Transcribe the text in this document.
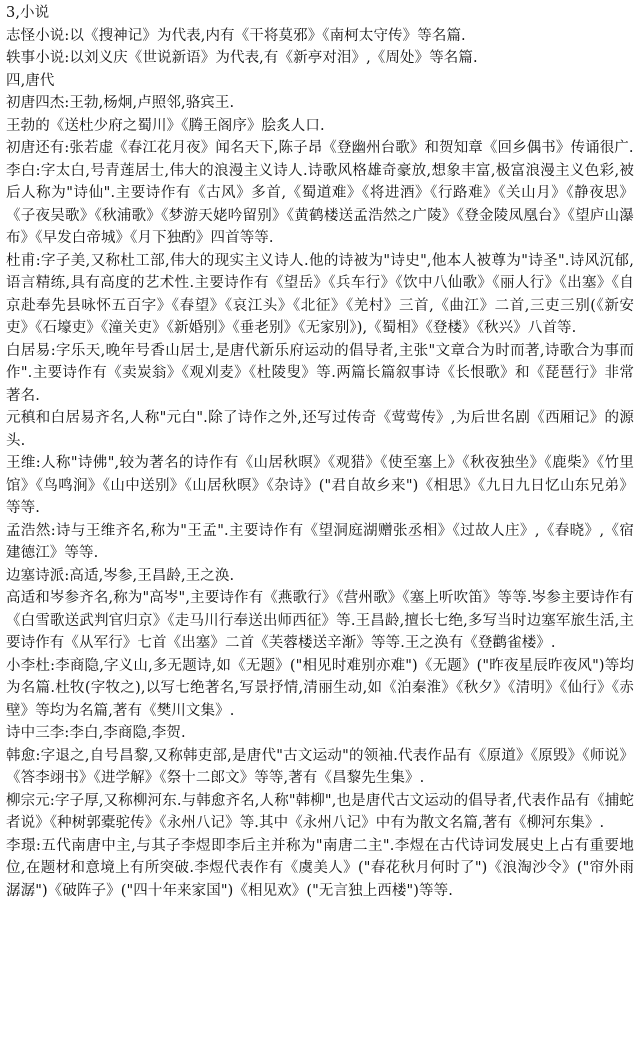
3,小说

志怪小说:以《搜神记》为代表,内有《干将莫邪》《南柯太守传》等名篇.

轶事小说:以刘义庆《世说新语》为代表,有《新亭对泪》,《周处》等名篇.

四,唐代

初唐四杰:王勃,杨炯,卢照邻,骆宾王.

王勃的《送杜少府之蜀川》《腾王阁序》脍炙人口.

初唐还有:张若虚《春江花月夜》闻名天下,陈子昂《登幽州台歌》和贺知章《回乡偶书》传诵很广.

李白:字太白,号青莲居士,伟大的浪漫主义诗人.诗歌风格雄奇豪放,想象丰富,极富浪漫主义色彩,被后人称为"诗仙".主要诗作有《古风》多首,《蜀道难》《将进酒》《行路难》《关山月》《静夜思》《子夜吴歌》《秋浦歌》《梦游天姥吟留别》《黄鹤楼送孟浩然之广陵》《登金陵凤凰台》《望庐山瀑布》《早发白帝城》《月下独酌》四首等等.

杜甫:字子美,又称杜工部,伟大的现实主义诗人.他的诗被为"诗史",他本人被尊为"诗圣".诗风沉郁,语言精练,具有高度的艺术性.主要诗作有《望岳》《兵车行》《饮中八仙歌》《丽人行》《出塞》《自京赴奉先县咏怀五百字》《春望》《哀江头》《北征》《羌村》三首,《曲江》二首,三吏三别(《新安吏》《石壕吏》《潼关吏》《新婚别》《垂老别》《无家别》),《蜀相》《登楼》《秋兴》八首等.

白居易:字乐天,晚年号香山居士,是唐代新乐府运动的倡导者,主张"文章合为时而著,诗歌合为事而作".主要诗作有《卖炭翁》《观刈麦》《杜陵叟》等.两篇长篇叙事诗《长恨歌》和《琵琶行》非常著名.

元稹和白居易齐名,人称"元白".除了诗作之外,还写过传奇《莺莺传》,为后世名剧《西厢记》的源头.

王维:人称"诗佛",较为著名的诗作有《山居秋暝》《观猎》《使至塞上》《秋夜独坐》《鹿柴》《竹里馆》《鸟鸣涧》《山中送别》《山居秋暝》《杂诗》("君自故乡来")《相思》《九日九日忆山东兄弟》等等.

孟浩然:诗与王维齐名,称为"王孟".主要诗作有《望洞庭湖赠张丞相》《过故人庄》,《春晓》,《宿建德江》等等.

边塞诗派:高适,岑参,王昌龄,王之涣.

高适和岑参齐名,称为"高岑",主要诗作有《燕歌行》《营州歌》《塞上听吹笛》等等.岑参主要诗作有《白雪歌送武判官归京》《走马川行奉送出师西征》等.王昌龄,擅长七绝,多写当时边塞军旅生活,主要诗作有《从军行》七首《出塞》二首《芙蓉楼送辛渐》等等.王之涣有《登鹳雀楼》.

小李杜:李商隐,字义山,多无题诗,如《无题》("相见时难别亦难")《无题》("昨夜星辰昨夜风")等均为名篇.杜牧(字牧之),以写七绝著名,写景抒情,清丽生动,如《泊秦淮》《秋夕》《清明》《仙行》《赤壁》等均为名篇,著有《樊川文集》.

诗中三李:李白,李商隐,李贺.

韩愈:字退之,自号昌黎,又称韩吏部,是唐代"古文运动"的领袖.代表作品有《原道》《原毁》《师说》《答李翊书》《进学解》《祭十二郎文》等等,著有《昌黎先生集》.

柳宗元:字子厚,又称柳河东.与韩愈齐名,人称"韩柳",也是唐代古文运动的倡导者,代表作品有《捕蛇者说》《种树郭橐驼传》《永州八记》等.其中《永州八记》中有为散文名篇,著有《柳河东集》.

李璟:五代南唐中主,与其子李煜即李后主并称为"南唐二主".李煜在古代诗词发展史上占有重要地位,在题材和意境上有所突破.李煜代表作有《虞美人》("春花秋月何时了")《浪淘沙令》("帘外雨潺潺")《破阵子》("四十年来家国")《相见欢》("无言独上西楼")等等.
